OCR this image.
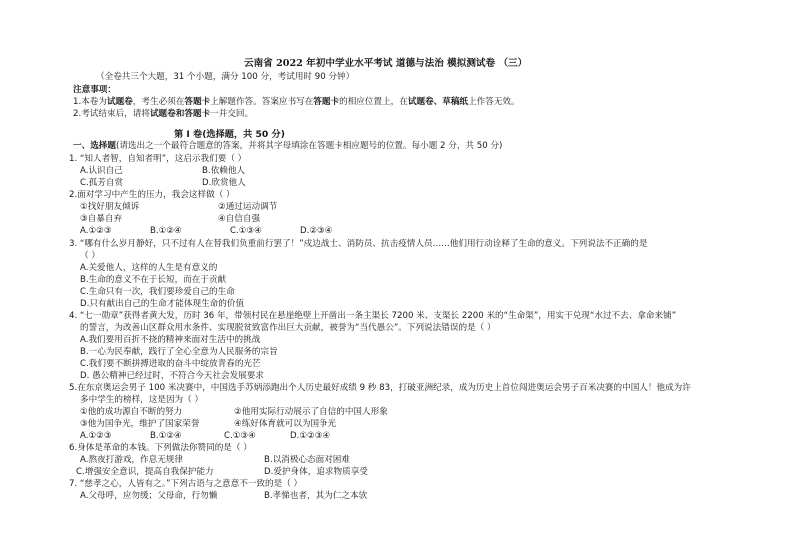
云南省 2022 年初中学业水平考试 道德与法治 模拟测试卷 （三）
（全卷共三个大题，31 个小题，满分 100 分，考试用时 90 分钟）
注意事项：
1.本卷为试题卷，考生必须在答题卡上解题作答。答案应书写在答题卡的相应位置上，在试题卷、草稿纸上作答无效。
2.考试结束后，请将试题卷和答题卡一并交回。
第 I 卷(选择题，共 50 分)
一、选择题(请选出之一个最符合题意的答案，并将其字母填涂在答题卡相应题号的位置。每小题 2 分，共 50 分)
1. “知人者智，自知者明”，这启示我们要（ ）
A.认识自己	B.依赖他人
C.孤芳自赏	D.欣赏他人
2.面对学习中产生的压力，我会这样做（ ）
①找好朋友倾诉	②通过运动调节
③自暴自弃	④自信自强
A.①②③	B.①②④	C.①③④	D.②③④
3. “哪有什么岁月静好，只不过有人在替我们负重前行罢了！”戍边战士、消防员、抗击疫情人员……他们用行动诠释了生命的意义。下列说法不正确的是
（ ）
A.关爱他人，这样的人生是有意义的
B.生命的意义不在于长短，而在于贡献
C.生命只有一次，我们要珍爱自己的生命
D.只有献出自己的生命才能体现生命的价值
4. “七一勋章”获得者黄大发，历时 36 年，带领村民在悬崖绝壁上开凿出一条主渠长 7200 米、支渠长 2200 米的“生命渠”，用实干兑现“水过不去、拿命来铺”
的誓言，为改善山区群众用水条件、实现脱贫致富作出巨大贡献，被誉为“当代愚公”。下列说法错误的是（ ）
A.我们要用百折不挠的精神来面对生活中的挑战
B.一心为民奉献，践行了全心全意为人民服务的宗旨
C.我们要不断拼搏进取的奋斗中绽放青春的光芒
D. 愚公精神已经过时，不符合今天社会发展要求
5.在东京奥运会男子 100 米决赛中，中国选手苏炳添跑出个人历史最好成绩 9 秒 83，打破亚洲纪录，成为历史上首位闯进奥运会男子百米决赛的中国人！他成为许
多中学生的榜样，这是因为（ ）
①他的成功源自不断的努力	②他用实际行动展示了自信的中国人形象
③他为国争光，维护了国家荣誉	④练好体育就可以为国争光
A.①②③	B.①②④	C.①③④	D.①②③④
6.身体是革命的本钱。下列做法你赞同的是（ ）
A.熬夜打游戏，作息无规律	B.以消极心态面对困难
C.增强安全意识，提高自我保护能力	D.爱护身体，追求物质享受
7. “慈孝之心，人皆有之。”下列古语与之意意不一致的是（ ）
A.父母呼，应勿缓；父母命，行勿懒	B.孝悌也者，其为仁之本欤
